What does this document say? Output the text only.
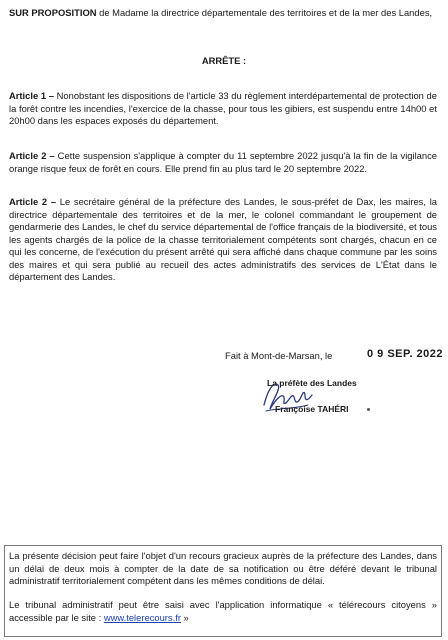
SUR PROPOSITION de Madame la directrice départementale des territoires et de la mer des Landes,

ARRÊTE :

Article 1 – Nonobstant les dispositions de l'article 33 du règlement interdépartemental de protection de la forêt contre les incendies, l'exercice de la chasse, pour tous les gibiers, est suspendu entre 14h00 et 20h00 dans les espaces exposés du département.

Article 2 – Cette suspension s'applique à compter du 11 septembre 2022 jusqu'à la fin de la vigilance orange risque feux de forêt en cours. Elle prend fin au plus tard le 20 septembre 2022.

Article 2 – Le secrétaire général de la préfecture des Landes, le sous-préfet de Dax, les maires, la directrice départementale des territoires et de la mer, le colonel commandant le groupement de gendarmerie des Landes, le chef du service départemental de l'office français de la biodiversité, et tous les agents chargés de la police de la chasse territorialement compétents sont chargés, chacun en ce qui les concerne, de l'exécution du présent arrêté qui sera affiché dans chaque commune par les soins des maires et qui sera publié au recueil des actes administratifs des services de L'État dans le département des Landes.

Fait à Mont-de-Marsan, le	0 9 SEP. 2022
La préfète des Landes
Françoise TAHÉRI

La présente décision peut faire l'objet d'un recours gracieux auprès de la préfecture des Landes, dans un délai de deux mois à compter de la date de sa notification ou être déféré devant le tribunal administratif territorialement compétent dans les mêmes conditions de délai.

Le tribunal administratif peut être saisi avec l'application informatique « télérecours citoyens » accessible par le site : www.telerecours.fr »
